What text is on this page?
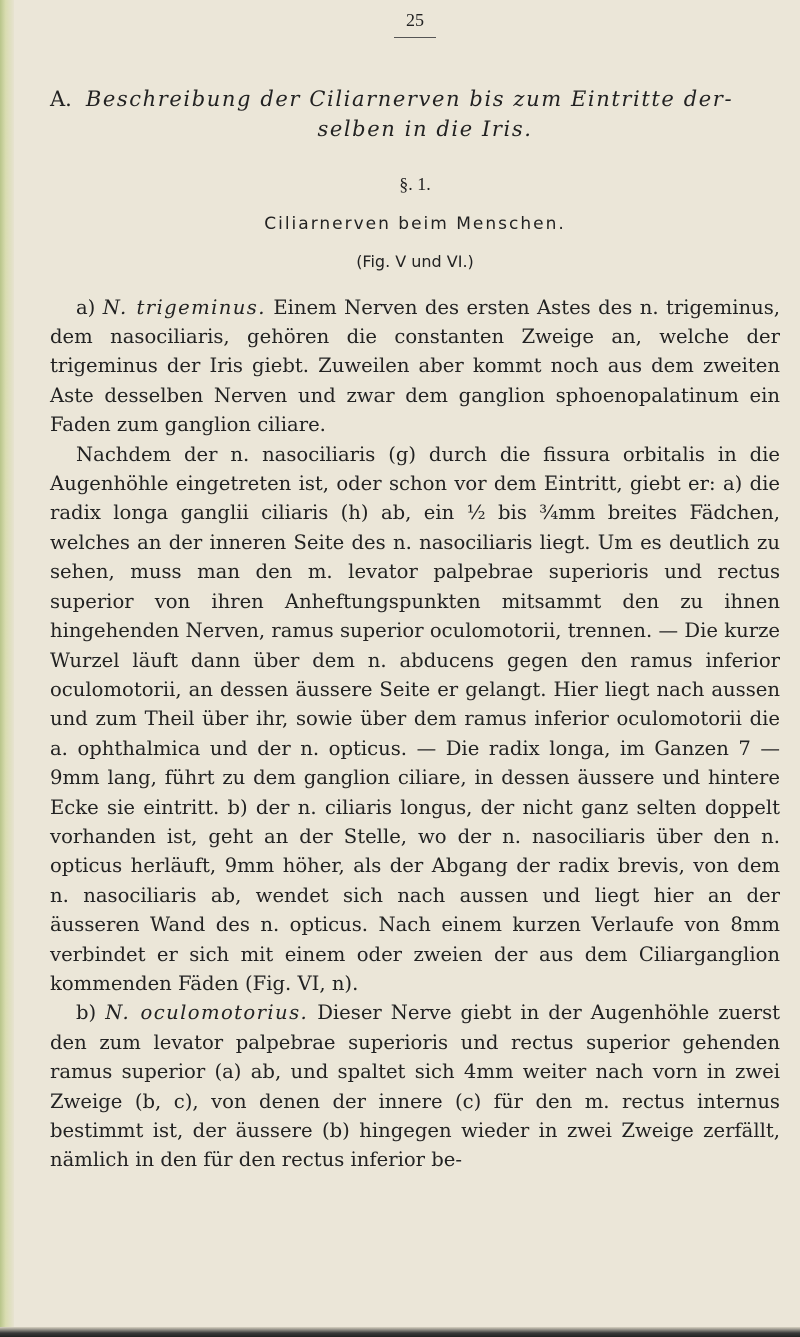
25
A. Beschreibung der Ciliarnerven bis zum Eintritte der-
selben in die Iris.
§. 1.
Ciliarnerven beim Menschen.
(Fig. V und VI.)

a) N. trigeminus. Einem Nerven des ersten Astes des n. trigeminus, dem nasociliaris, gehören die constanten Zweige an, welche der trigeminus der Iris giebt. Zuweilen aber kommt noch aus dem zweiten Aste desselben Nerven und zwar dem ganglion sphoenopalatinum ein Faden zum ganglion ciliare.

Nachdem der n. nasociliaris (g) durch die fissura orbitalis in die Augenhöhle eingetreten ist, oder schon vor dem Eintritt, giebt er: a) die radix longa ganglii ciliaris (h) ab, ein ½ bis ¾mm breites Fädchen, welches an der inneren Seite des n. nasociliaris liegt. Um es deutlich zu sehen, muss man den m. levator palpebrae superioris und rectus superior von ihren Anheftungspunkten mitsammt den zu ihnen hingehenden Nerven, ramus superior oculomotorii, trennen. — Die kurze Wurzel läuft dann über dem n. abducens gegen den ramus inferior oculomotorii, an dessen äussere Seite er gelangt. Hier liegt nach aussen und zum Theil über ihr, sowie über dem ramus inferior oculomotorii die a. ophthalmica und der n. opticus. — Die radix longa, im Ganzen 7 — 9mm lang, führt zu dem ganglion ciliare, in dessen äussere und hintere Ecke sie eintritt. b) der n. ciliaris longus, der nicht ganz selten doppelt vorhanden ist, geht an der Stelle, wo der n. nasociliaris über den n. opticus herläuft, 9mm höher, als der Abgang der radix brevis, von dem n. nasociliaris ab, wendet sich nach aussen und liegt hier an der äusseren Wand des n. opticus. Nach einem kurzen Verlaufe von 8mm verbindet er sich mit einem oder zweien der aus dem Ciliarganglion kommenden Fäden (Fig. VI, n).

b) N. oculomotorius. Dieser Nerve giebt in der Augenhöhle zuerst den zum levator palpebrae superioris und rectus superior gehenden ramus superior (a) ab, und spaltet sich 4mm weiter nach vorn in zwei Zweige (b, c), von denen der innere (c) für den m. rectus internus bestimmt ist, der äussere (b) hingegen wieder in zwei Zweige zerfällt, nämlich in den für den rectus inferior be-
